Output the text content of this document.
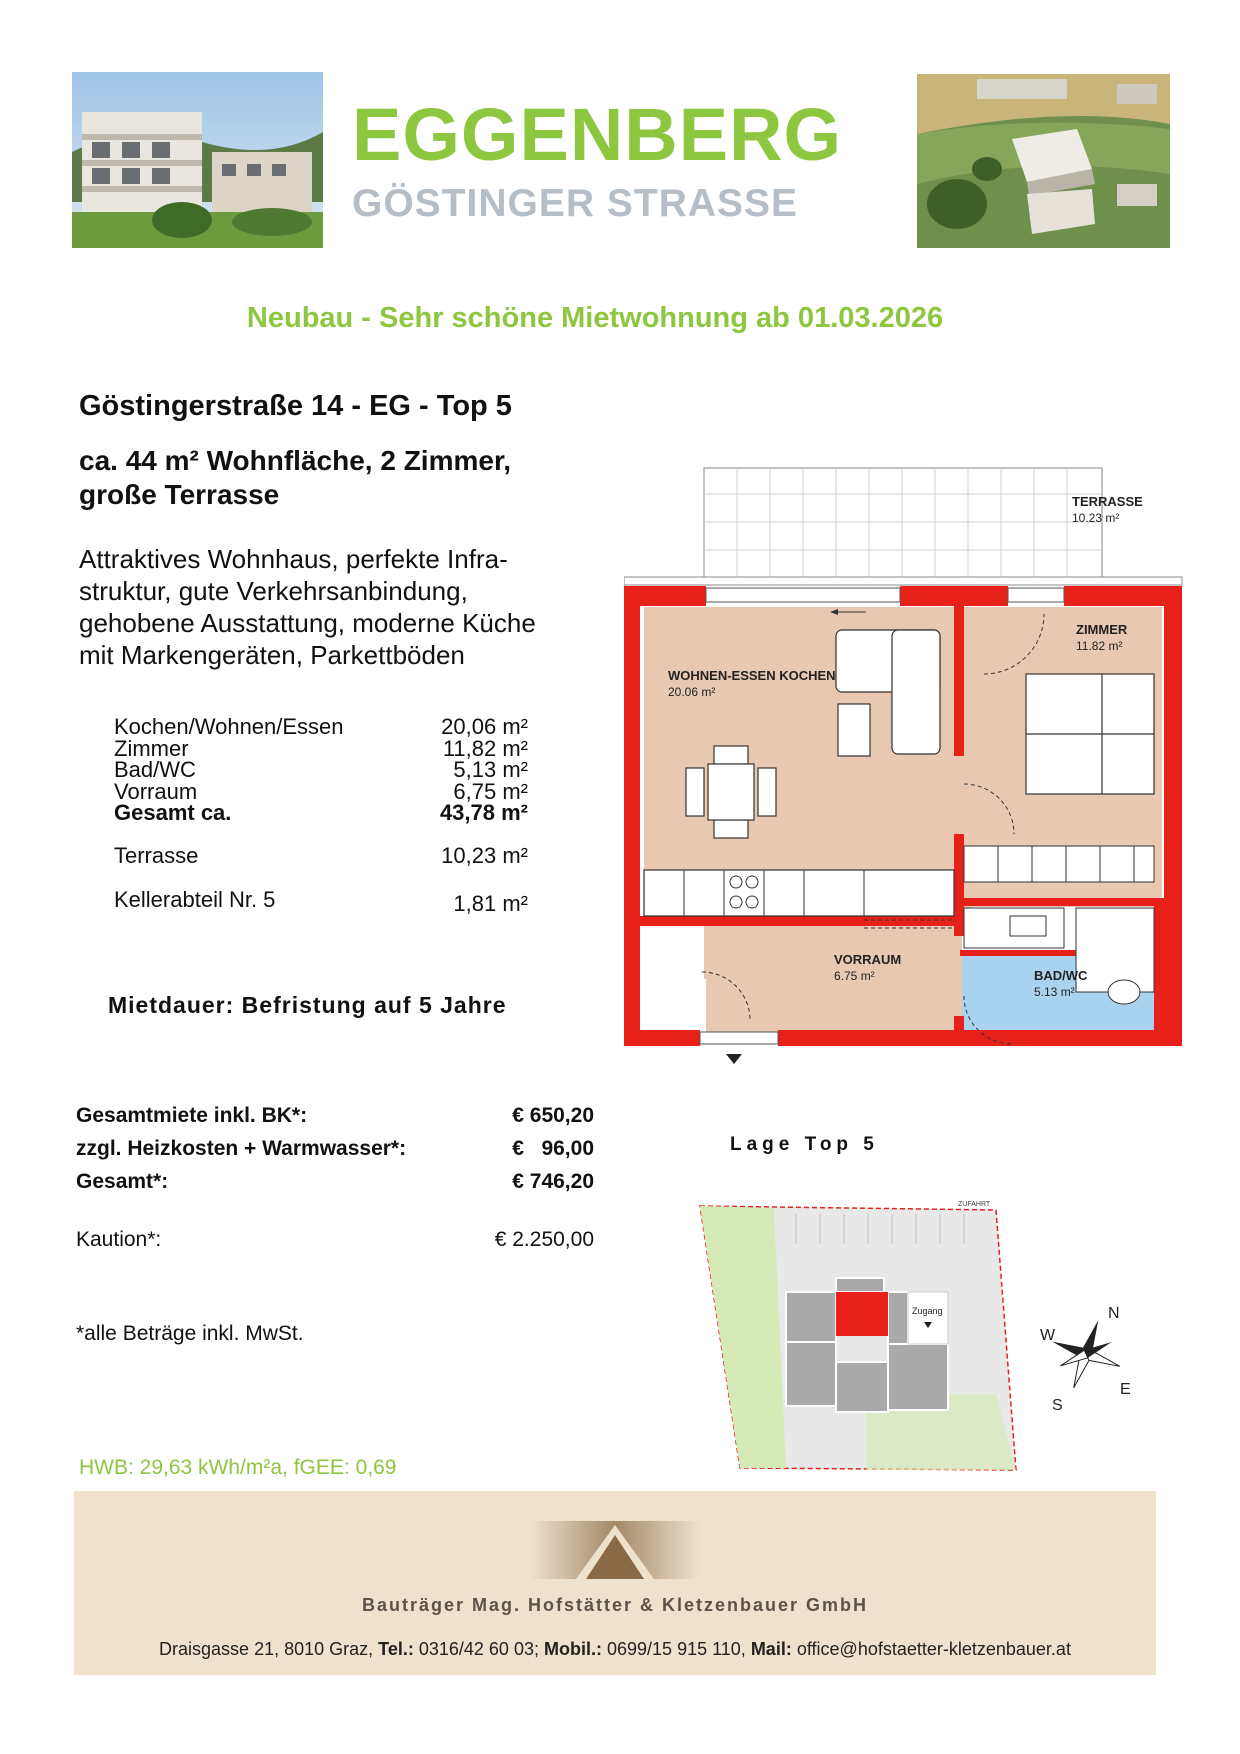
EGGENBERG
GÖSTINGER STRASSE
Neubau - Sehr schöne Mietwohnung ab 01.03.2026
Göstingerstraße 14 - EG - Top 5
ca. 44 m² Wohnfläche, 2 Zimmer,
große Terrasse
Attraktives Wohnhaus, perfekte Infra-
struktur, gute Verkehrsanbindung,
gehobene Ausstattung, moderne Küche
mit Markengeräten, Parkettböden
Kochen/Wohnen/Essen	20,06 m²
Zimmer	11,82 m²
Bad/WC	5,13 m²
Vorraum	6,75 m²
Gesamt ca.	43,78 m²
Terrasse	10,23 m²
Kellerabteil Nr. 5	1,81 m²
Mietdauer: Befristung auf 5 Jahre
TERRASSE
10.23 m²
WOHNEN-ESSEN KOCHEN
20.06 m²
ZIMMER
11.82 m²
VORRAUM
6.75 m²	BAD/WC
5.13 m²
Gesamtmiete inkl. BK*:	€ 650,20
zzgl. Heizkosten + Warmwasser*:	€   96,00
Gesamt*:	€ 746,20
Kaution*:	€ 2.250,00
*alle Beträge inkl. MwSt.
HWB: 29,63 kWh/m²a, fGEE: 0,69
Lage Top 5
Zugang
ZUFAHRT
N
W
E
S
Bauträger Mag. Hofstätter & Kletzenbauer GmbH
Draisgasse 21, 8010 Graz, Tel.: 0316/42 60 03; Mobil.: 0699/15 915 110, Mail: office@hofstaetter-kletzenbauer.at
